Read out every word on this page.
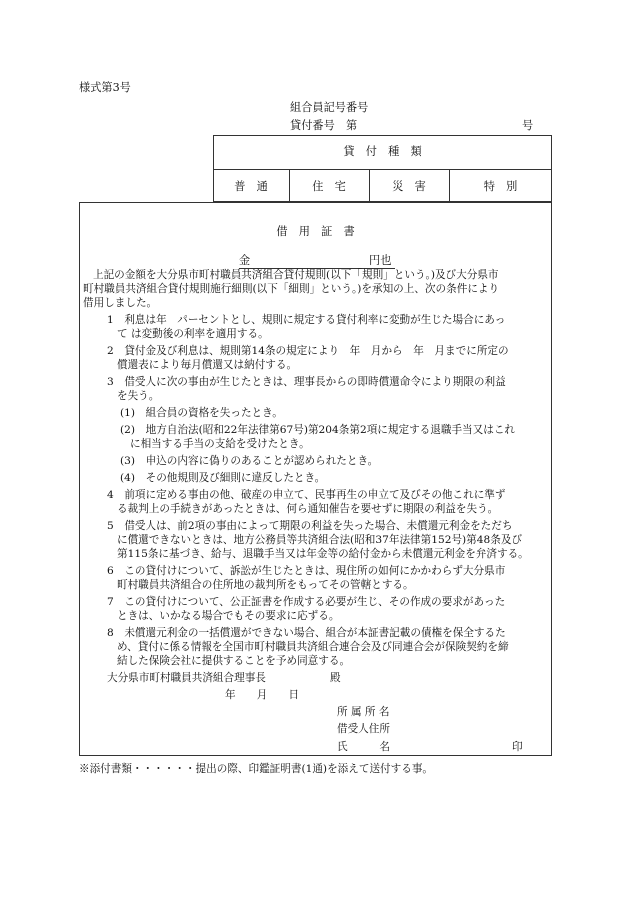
様式第3号
組合員記号番号
貸付番号　第	号
貸　付　種　類
普　通	住　宅	災　害	特　別
借　用　証　書
金	円也
上記の金額を大分県市町村職員共済組合貸付規則(以下「規則」という。)及び大分県市
町村職員共済組合貸付規則施行細則(以下「細則」という。)を承知の上、次の条件により
借用しました。
1　利息は年　パーセントとし、規則に規定する貸付利率に変動が生じた場合にあっ
て は変動後の利率を適用する。
2　貸付金及び利息は、規則第14条の規定により　年　月から　年　月までに所定の
償還表により毎月償還又は納付する。
3　借受人に次の事由が生じたときは、理事長からの即時償還命令により期限の利益
を失う。
(1)　組合員の資格を失ったとき。
(2)　地方自治法(昭和22年法律第67号)第204条第2項に規定する退職手当又はこれ
に相当する手当の支給を受けたとき。
(3)　申込の内容に偽りのあることが認められたとき。
(4)　その他規則及び細則に違反したとき。
4　前項に定める事由の他、破産の申立て、民事再生の申立て及びその他これに準ず
る裁判上の手続きがあったときは、何ら通知催告を要せずに期限の利益を失う。
5　借受人は、前2項の事由によって期限の利益を失った場合、未償還元利金をただち
に償還できないときは、地方公務員等共済組合法(昭和37年法律第152号)第48条及び
第115条に基づき、給与、退職手当又は年金等の給付金から未償還元利金を弁済する。
6　この貸付けについて、訴訟が生じたときは、現住所の如何にかかわらず大分県市
町村職員共済組合の住所地の裁判所をもってその管轄とする。
7　この貸付けについて、公正証書を作成する必要が生じ、その作成の要求があった
ときは、いかなる場合でもその要求に応ずる。
8　未償還元利金の一括償還ができない場合、組合が本証書記載の債権を保全するた
め、貸付に係る情報を全国市町村職員共済組合連合会及び同連合会が保険契約を締
結した保険会社に提供することを予め同意する。
大分県市町村職員共済組合理事長	殿
年　　月　　日
所 属 所 名
借受人住所
氏　　　名	印
※添付書類・・・・・・提出の際、印鑑証明書(1通)を添えて送付する事。
